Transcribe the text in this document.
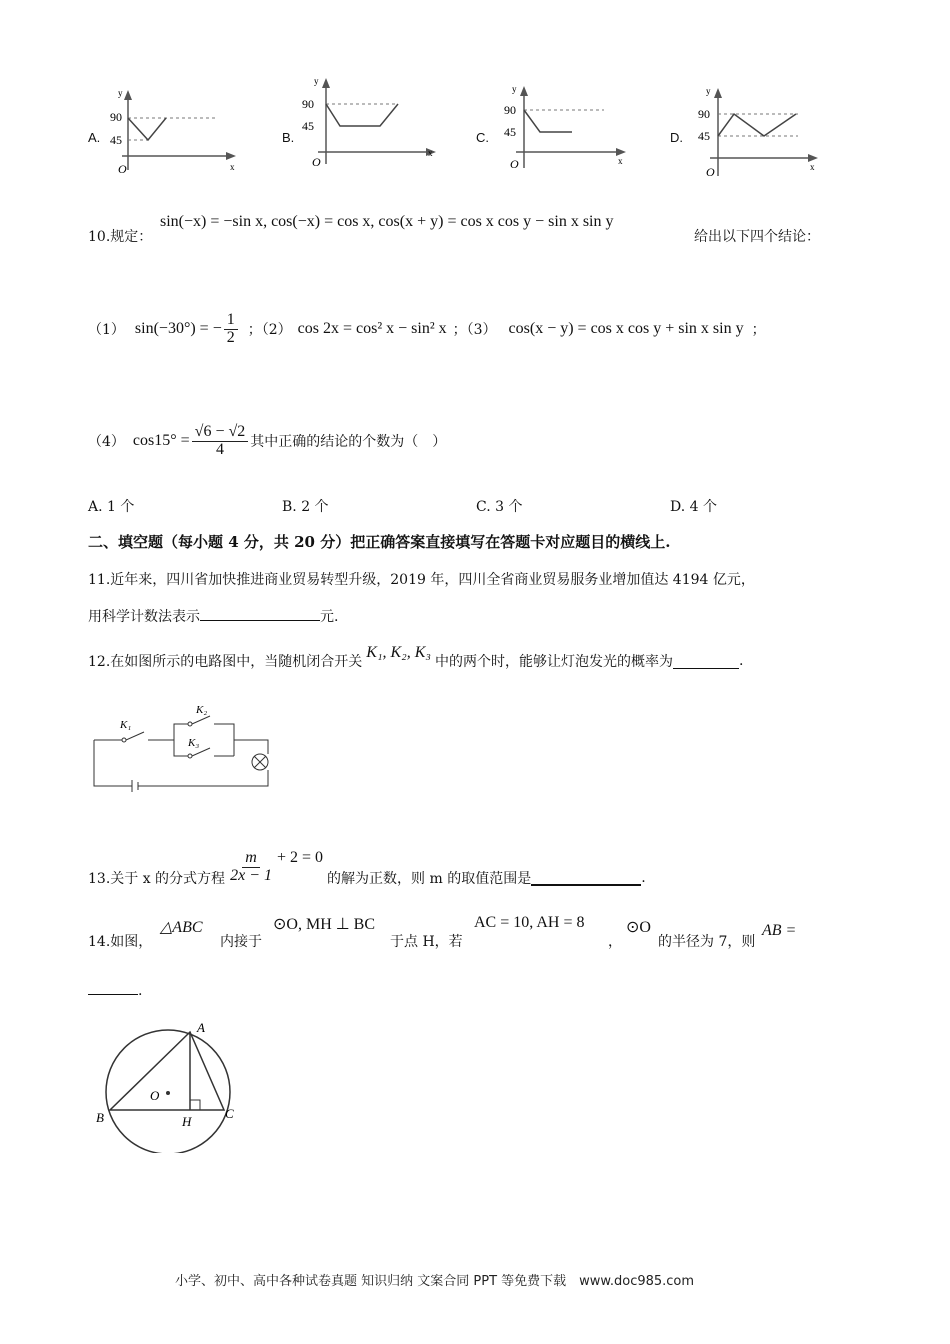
A.
90
45
O
y
x
B.
90
45
O
y
x
C.
90
45
O
y
x
D.
90
45
O
y
x
10.规定：
sin(−x) = −sin x, cos(−x) = cos x, cos(x + y) = cos x cos y − sin x sin y
给出以下四个结论：
（1） sin(−30°) = − $\frac{1}{2}$ ；（2） cos 2x = cos² x − sin² x ；（3） cos(x − y) = cos x cos y + sin x sin y ；
（4） $\cos 15^\circ = \frac{√6 - √2}{4}$ 其中正确的结论的个数为（　）
A. 1 个	B. 2 个	C. 3 个	D. 4 个
二、填空题（每小题 4 分，共 20 分）把正确答案直接填写在答题卡对应题目的横线上.
11.近年来，四川省加快推进商业贸易转型升级，2019 年，四川全省商业贸易服务业增加值达 4194 亿元，
用科学计数法表示	元.
12.在如图所示的电路图中，当随机闭合开关
K₁, K₂, K₃
中的两个时，能够让灯泡发光的概率为	.
K₁
K₂
K₃
13.关于 x 的分式方程 $\frac{m}{2x - 1} + 2 = 0$
的解为正数，则 m 的取值范围是	.
14.如图，
△ABC
内接于
⊙O, MH ⊥ BC
于点 H，若
AC = 10, AH = 8
，
⊙O
的半径为 7，则
AB =
.
A
B	C
H
O
小学、初中、高中各种试卷真题 知识归纳 文案合同 PPT 等免费下载　www.doc985.com
